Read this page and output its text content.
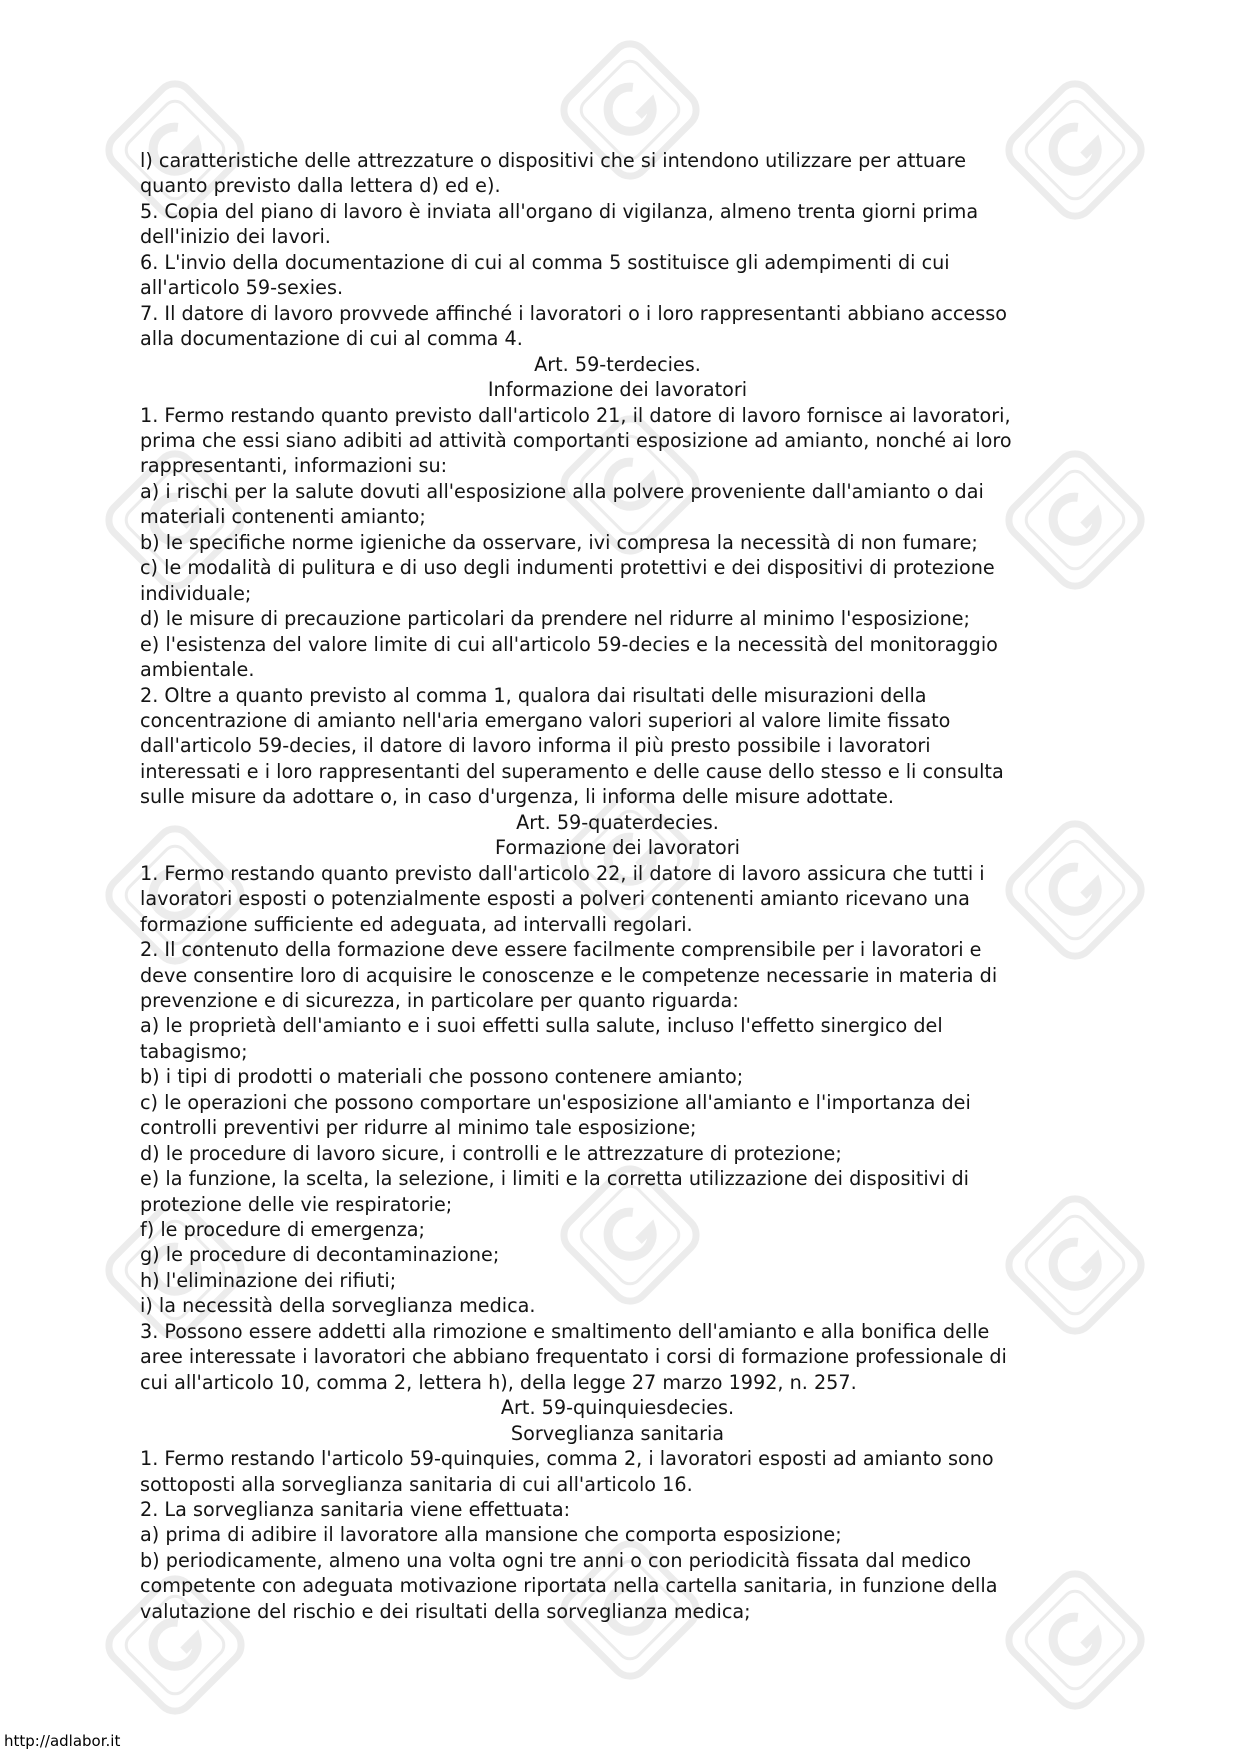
l) caratteristiche delle attrezzature o dispositivi che si intendono utilizzare per attuare
quanto previsto dalla lettera d) ed e).
5. Copia del piano di lavoro è inviata all'organo di vigilanza, almeno trenta giorni prima
dell'inizio dei lavori.
6. L'invio della documentazione di cui al comma 5 sostituisce gli adempimenti di cui
all'articolo 59-sexies.
7. Il datore di lavoro provvede affinché i lavoratori o i loro rappresentanti abbiano accesso
alla documentazione di cui al comma 4.
Art. 59-terdecies.
Informazione dei lavoratori
1. Fermo restando quanto previsto dall'articolo 21, il datore di lavoro fornisce ai lavoratori,
prima che essi siano adibiti ad attività comportanti esposizione ad amianto, nonché ai loro
rappresentanti, informazioni su:
a) i rischi per la salute dovuti all'esposizione alla polvere proveniente dall'amianto o dai
materiali contenenti amianto;
b) le specifiche norme igieniche da osservare, ivi compresa la necessità di non fumare;
c) le modalità di pulitura e di uso degli indumenti protettivi e dei dispositivi di protezione
individuale;
d) le misure di precauzione particolari da prendere nel ridurre al minimo l'esposizione;
e) l'esistenza del valore limite di cui all'articolo 59-decies e la necessità del monitoraggio
ambientale.
2. Oltre a quanto previsto al comma 1, qualora dai risultati delle misurazioni della
concentrazione di amianto nell'aria emergano valori superiori al valore limite fissato
dall'articolo 59-decies, il datore di lavoro informa il più presto possibile i lavoratori
interessati e i loro rappresentanti del superamento e delle cause dello stesso e li consulta
sulle misure da adottare o, in caso d'urgenza, li informa delle misure adottate.
Art. 59-quaterdecies.
Formazione dei lavoratori
1. Fermo restando quanto previsto dall'articolo 22, il datore di lavoro assicura che tutti i
lavoratori esposti o potenzialmente esposti a polveri contenenti amianto ricevano una
formazione sufficiente ed adeguata, ad intervalli regolari.
2. Il contenuto della formazione deve essere facilmente comprensibile per i lavoratori e
deve consentire loro di acquisire le conoscenze e le competenze necessarie in materia di
prevenzione e di sicurezza, in particolare per quanto riguarda:
a) le proprietà dell'amianto e i suoi effetti sulla salute, incluso l'effetto sinergico del
tabagismo;
b) i tipi di prodotti o materiali che possono contenere amianto;
c) le operazioni che possono comportare un'esposizione all'amianto e l'importanza dei
controlli preventivi per ridurre al minimo tale esposizione;
d) le procedure di lavoro sicure, i controlli e le attrezzature di protezione;
e) la funzione, la scelta, la selezione, i limiti e la corretta utilizzazione dei dispositivi di
protezione delle vie respiratorie;
f) le procedure di emergenza;
g) le procedure di decontaminazione;
h) l'eliminazione dei rifiuti;
i) la necessità della sorveglianza medica.
3. Possono essere addetti alla rimozione e smaltimento dell'amianto e alla bonifica delle
aree interessate i lavoratori che abbiano frequentato i corsi di formazione professionale di
cui all'articolo 10, comma 2, lettera h), della legge 27 marzo 1992, n. 257.
Art. 59-quinquiesdecies.
Sorveglianza sanitaria
1. Fermo restando l'articolo 59-quinquies, comma 2, i lavoratori esposti ad amianto sono
sottoposti alla sorveglianza sanitaria di cui all'articolo 16.
2. La sorveglianza sanitaria viene effettuata:
a) prima di adibire il lavoratore alla mansione che comporta esposizione;
b) periodicamente, almeno una volta ogni tre anni o con periodicità fissata dal medico
competente con adeguata motivazione riportata nella cartella sanitaria, in funzione della
valutazione del rischio e dei risultati della sorveglianza medica;
http://adlabor.it
